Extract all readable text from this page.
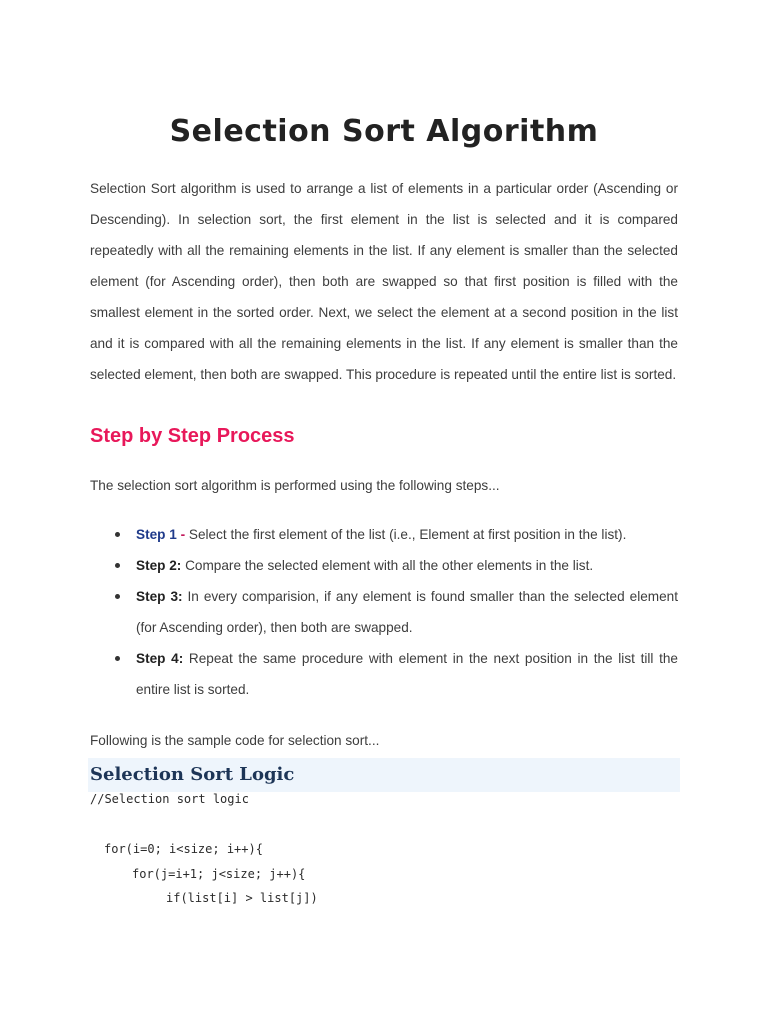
Selection Sort Algorithm

Selection Sort algorithm is used to arrange a list of elements in a particular order (Ascending or Descending). In selection sort, the first element in the list is selected and it is compared repeatedly with all the remaining elements in the list. If any element is smaller than the selected element (for Ascending order), then both are swapped so that first position is filled with the smallest element in the sorted order. Next, we select the element at a second position in the list and it is compared with all the remaining elements in the list. If any element is smaller than the selected element, then both are swapped. This procedure is repeated until the entire list is sorted.

Step by Step Process

The selection sort algorithm is performed using the following steps...

Step 1 - Select the first element of the list (i.e., Element at first position in the list).
Step 2: Compare the selected element with all the other elements in the list.
Step 3: In every comparision, if any element is found smaller than the selected element (for Ascending order), then both are swapped.
Step 4: Repeat the same procedure with element in the next position in the list till the entire list is sorted.

Following is the sample code for selection sort...

Selection Sort Logic

//Selection sort logic

for(i=0; i<size; i++){

for(j=i+1; j<size; j++){

if(list[i] > list[j])
